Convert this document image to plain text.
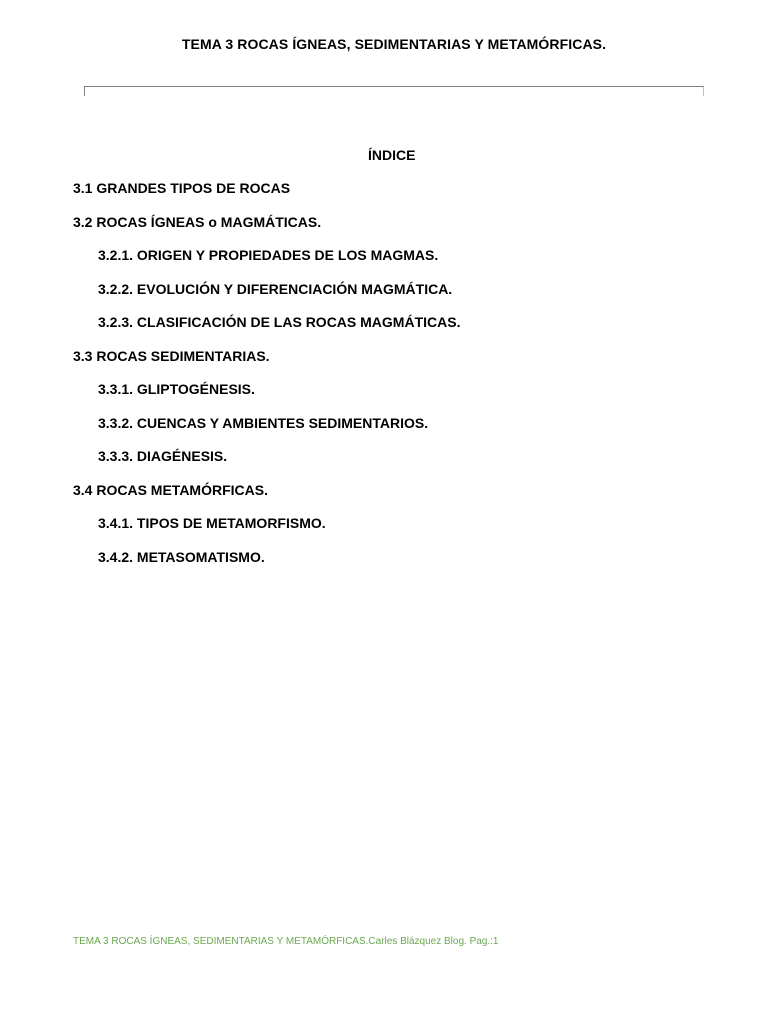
TEMA 3 ROCAS ÍGNEAS, SEDIMENTARIAS Y METAMÓRFICAS.
ÍNDICE
3.1 GRANDES TIPOS DE ROCAS
3.2 ROCAS ÍGNEAS o MAGMÁTICAS.
3.2.1. ORIGEN Y PROPIEDADES DE LOS MAGMAS.
3.2.2. EVOLUCIÓN Y DIFERENCIACIÓN MAGMÁTICA.
3.2.3. CLASIFICACIÓN DE LAS ROCAS MAGMÁTICAS.
3.3 ROCAS SEDIMENTARIAS.
3.3.1. GLIPTOGÉNESIS.
3.3.2. CUENCAS Y AMBIENTES SEDIMENTARIOS.
3.3.3. DIAGÉNESIS.
3.4 ROCAS METAMÓRFICAS.
3.4.1. TIPOS DE METAMORFISMO.
3.4.2. METASOMATISMO.
TEMA 3 ROCAS ÍGNEAS, SEDIMENTARIAS Y METAMÓRFICAS.Carles Blázquez Blog. Pag.:1
